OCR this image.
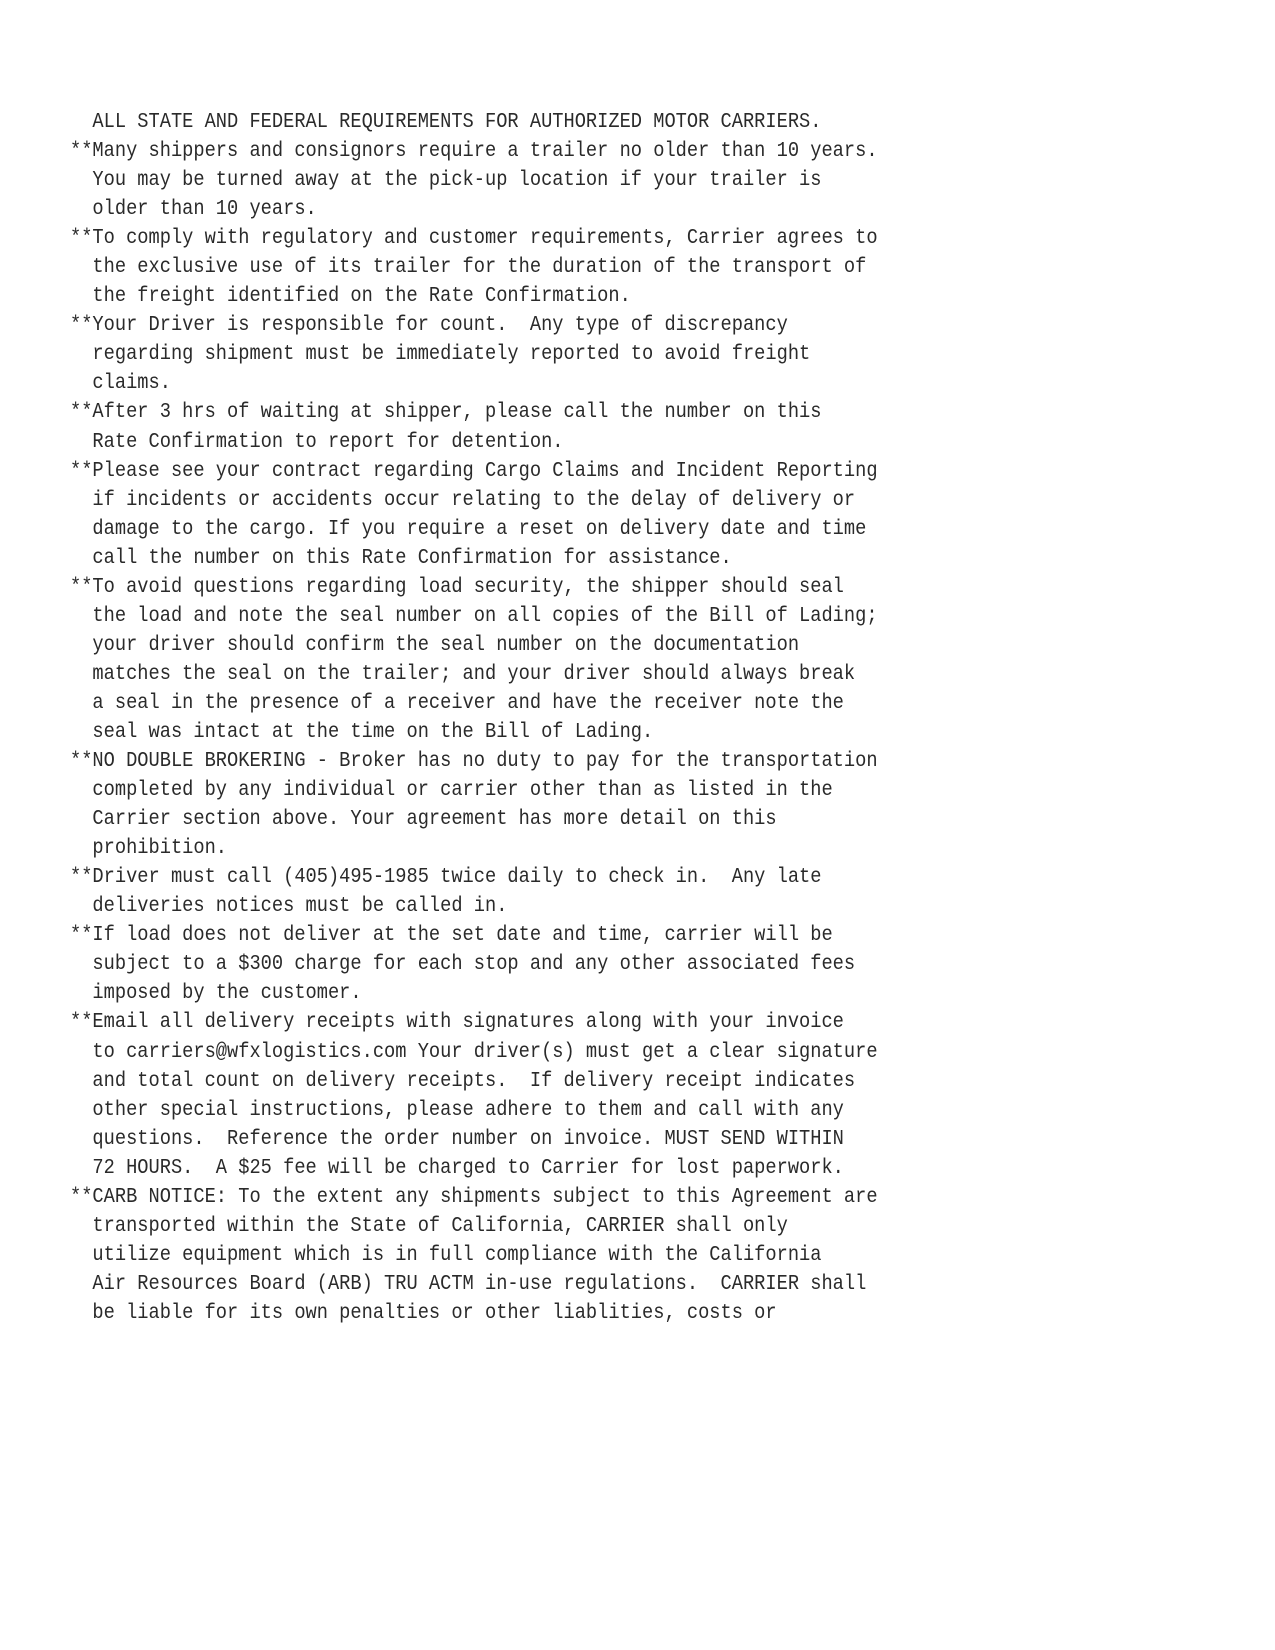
ALL STATE AND FEDERAL REQUIREMENTS FOR AUTHORIZED MOTOR CARRIERS.
**Many shippers and consignors require a trailer no older than 10 years.
You may be turned away at the pick-up location if your trailer is
older than 10 years.
**To comply with regulatory and customer requirements, Carrier agrees to
the exclusive use of its trailer for the duration of the transport of
the freight identified on the Rate Confirmation.
**Your Driver is responsible for count.  Any type of discrepancy
regarding shipment must be immediately reported to avoid freight
claims.
**After 3 hrs of waiting at shipper, please call the number on this
Rate Confirmation to report for detention.
**Please see your contract regarding Cargo Claims and Incident Reporting
if incidents or accidents occur relating to the delay of delivery or
damage to the cargo. If you require a reset on delivery date and time
call the number on this Rate Confirmation for assistance.
**To avoid questions regarding load security, the shipper should seal
the load and note the seal number on all copies of the Bill of Lading;
your driver should confirm the seal number on the documentation
matches the seal on the trailer; and your driver should always break
a seal in the presence of a receiver and have the receiver note the
seal was intact at the time on the Bill of Lading.
**NO DOUBLE BROKERING - Broker has no duty to pay for the transportation
completed by any individual or carrier other than as listed in the
Carrier section above. Your agreement has more detail on this
prohibition.
**Driver must call (405)495-1985 twice daily to check in.  Any late
deliveries notices must be called in.
**If load does not deliver at the set date and time, carrier will be
subject to a $300 charge for each stop and any other associated fees
imposed by the customer.
**Email all delivery receipts with signatures along with your invoice
to carriers@wfxlogistics.com Your driver(s) must get a clear signature
and total count on delivery receipts.  If delivery receipt indicates
other special instructions, please adhere to them and call with any
questions.  Reference the order number on invoice. MUST SEND WITHIN
72 HOURS.  A $25 fee will be charged to Carrier for lost paperwork.
**CARB NOTICE: To the extent any shipments subject to this Agreement are
transported within the State of California, CARRIER shall only
utilize equipment which is in full compliance with the California
Air Resources Board (ARB) TRU ACTM in-use regulations.  CARRIER shall
be liable for its own penalties or other liablities, costs or
